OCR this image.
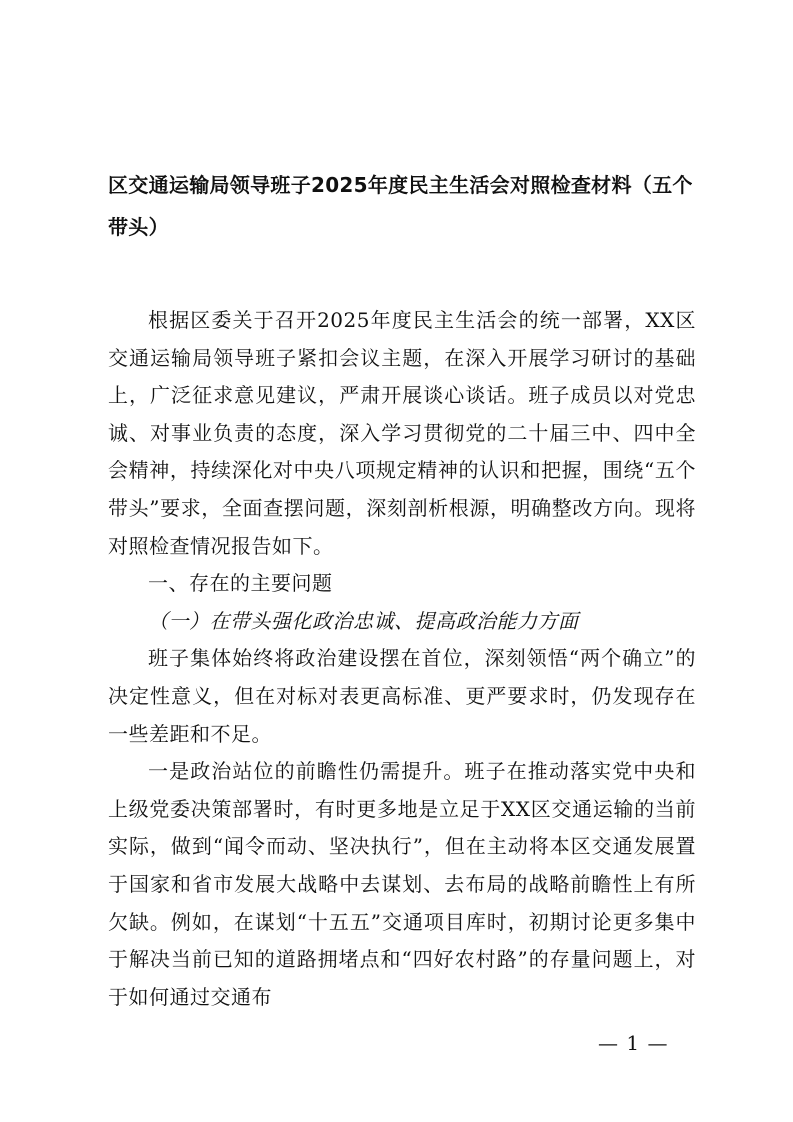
区交通运输局领导班子2025年度民主生活会对照检查材料（五个带头）

根据区委关于召开2025年度民主生活会的统一部署，XX区交通运输局领导班子紧扣会议主题，在深入开展学习研讨的基础上，广泛征求意见建议，严肃开展谈心谈话。班子成员以对党忠诚、对事业负责的态度，深入学习贯彻党的二十届三中、四中全会精神，持续深化对中央八项规定精神的认识和把握，围绕“五个带头”要求，全面查摆问题，深刻剖析根源，明确整改方向。现将对照检查情况报告如下。

一、存在的主要问题

（一）在带头强化政治忠诚、提高政治能力方面

班子集体始终将政治建设摆在首位，深刻领悟“两个确立”的决定性意义，但在对标对表更高标准、更严要求时，仍发现存在一些差距和不足。

一是政治站位的前瞻性仍需提升。班子在推动落实党中央和上级党委决策部署时，有时更多地是立足于XX区交通运输的当前实际，做到“闻令而动、坚决执行”，但在主动将本区交通发展置于国家和省市发展大战略中去谋划、去布局的战略前瞻性上有所欠缺。例如，在谋划“十五五”交通项目库时，初期讨论更多集中于解决当前已知的道路拥堵点和“四好农村路”的存量问题上，对于如何通过交通布

— 1 —
